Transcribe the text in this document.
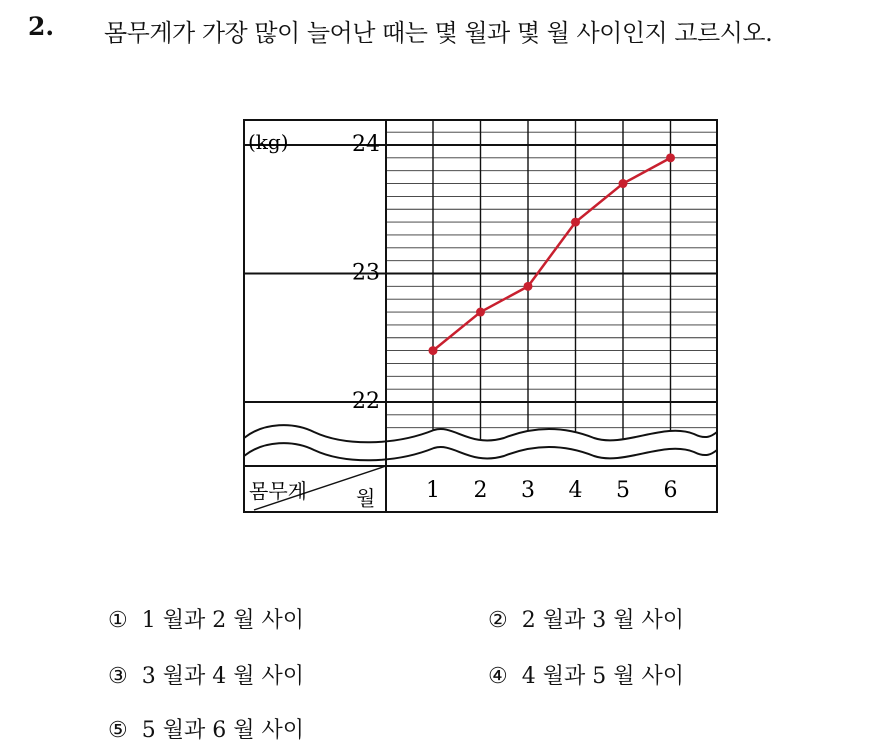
2. 몸무게가 가장 많이 늘어난 때는 몇 월과 몇 월 사이인지 고르시오.
22
23
24
1 2 3 4 5 6
(kg)
몸무게 월
① 1 월과 2 월 사이	② 2 월과 3 월 사이
③ 3 월과 4 월 사이	④ 4 월과 5 월 사이
⑤ 5 월과 6 월 사이
